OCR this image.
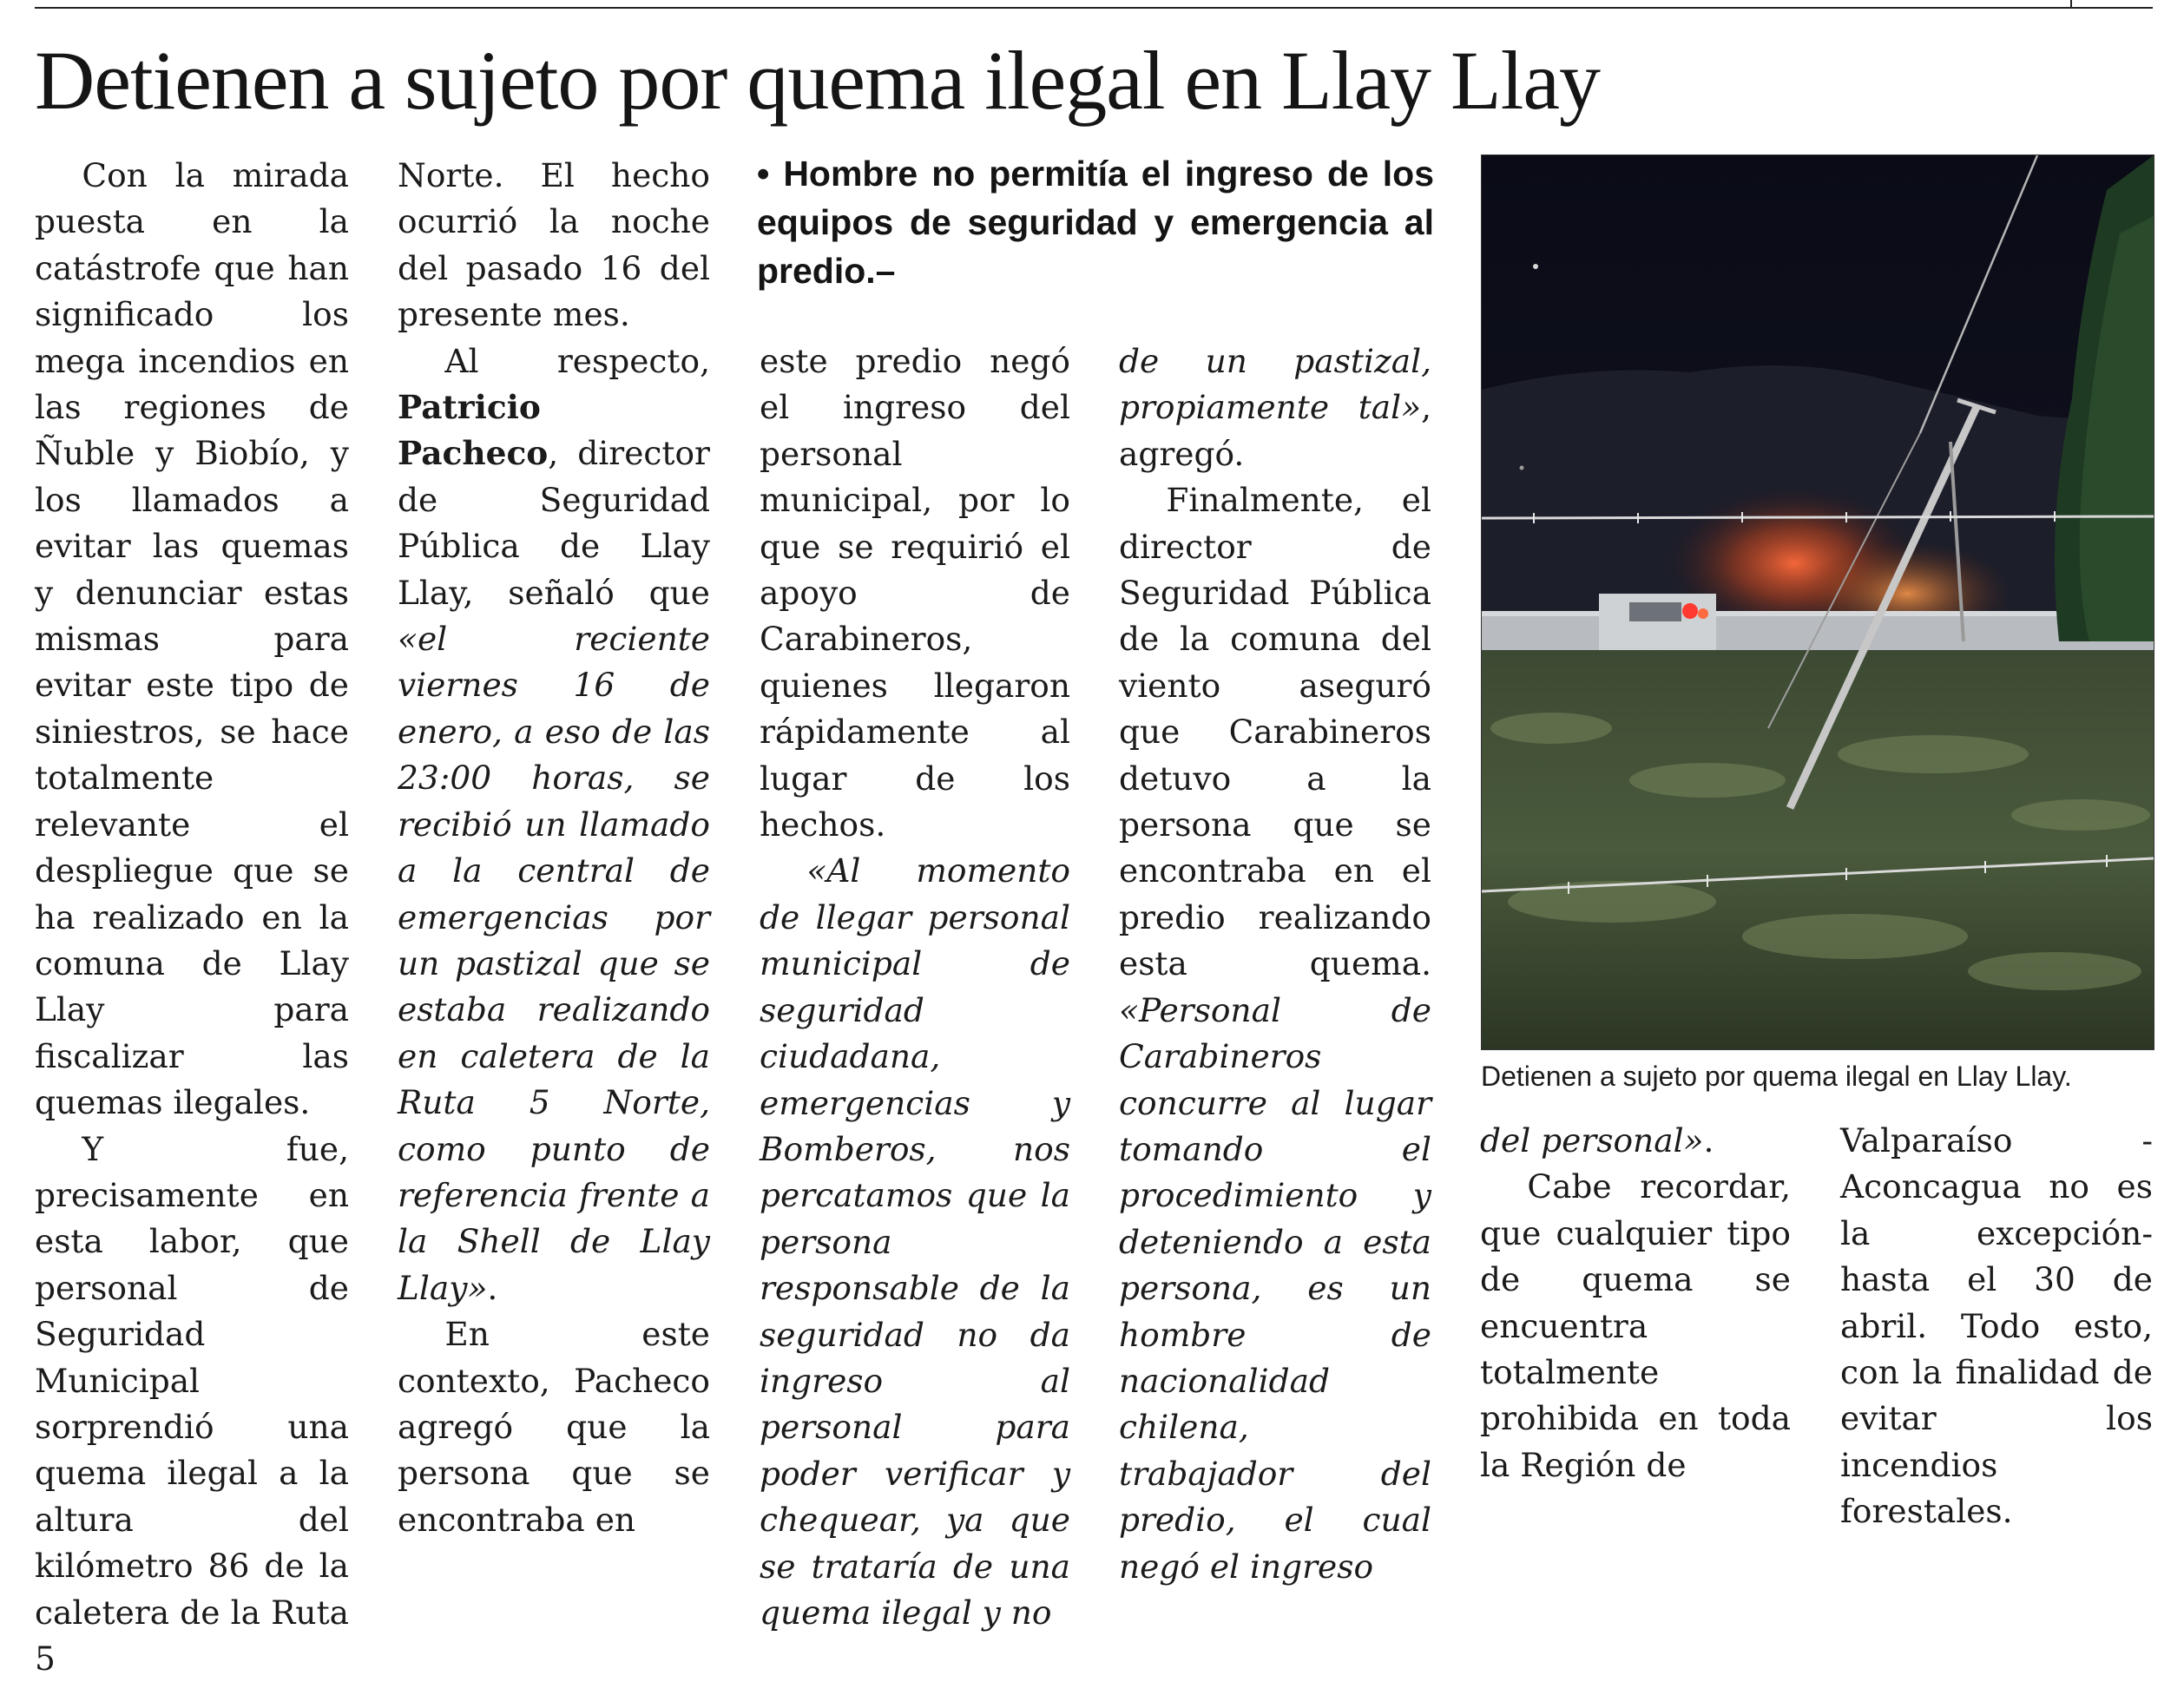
Detienen a sujeto por quema ilegal en Llay Llay

Con la mirada puesta en la catástrofe que han significado los mega incendios en las regiones de Ñuble y Biobío, y los llamados a evitar las quemas y denunciar estas mismas para evitar este tipo de siniestros, se hace totalmente relevante el despliegue que se ha realizado en la comuna de Llay Llay para fiscalizar las quemas ilegales.

Y fue, precisamente en esta labor, que personal de Seguridad Municipal sorprendió una quema ilegal a la altura del kilómetro 86 de la caletera de la Ruta 5

Norte. El hecho ocurrió la noche del pasado 16 del presente mes.

Al respecto, Patricio Pacheco, director de Seguridad Pública de Llay Llay, señaló que «el reciente viernes 16 de enero, a eso de las 23:00 horas, se recibió un llamado a la central de emergencias por un pastizal que se estaba realizando en caletera de la Ruta 5 Norte, como punto de referencia frente a la Shell de Llay Llay».

En este contexto, Pacheco agregó que la persona que se encontraba en

• Hombre no permitía el ingreso de los equipos de seguridad y emergencia al predio.–

este predio negó el ingreso del personal municipal, por lo que se requirió el apoyo de Carabineros, quienes llegaron rápidamente al lugar de los hechos.

«Al momento de llegar personal municipal de seguridad ciudadana, emergencias y Bomberos, nos percatamos que la persona responsable de la seguridad no da ingreso al personal para poder verificar y chequear, ya que se trataría de una quema ilegal y no

de un pastizal, propiamente tal», agregó.

Finalmente, el director de Seguridad Pública de la comuna del viento aseguró que Carabineros detuvo a la persona que se encontraba en el predio realizando esta quema. «Personal de Carabineros concurre al lugar tomando el procedimiento y deteniendo a esta persona, es un hombre de nacionalidad chilena, trabajador del predio, el cual negó el ingreso

Detienen a sujeto por quema ilegal en Llay Llay.

del personal».

Cabe recordar, que cualquier tipo de quema se encuentra totalmente prohibida en toda la Región de

Valparaíso -Aconcagua no es la excepción- hasta el 30 de abril. Todo esto, con la finalidad de evitar los incendios forestales.
